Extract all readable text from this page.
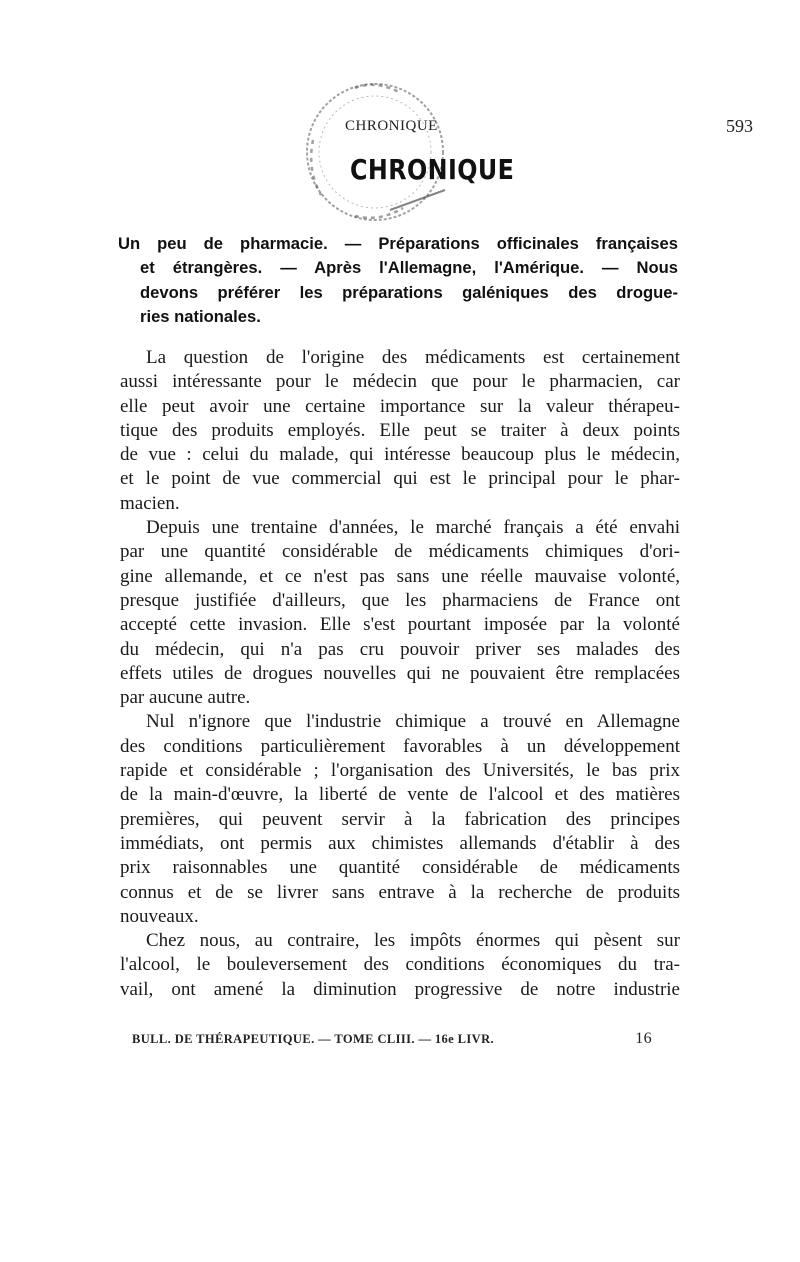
CHRONIQUE	593
CHRONIQUE
Un peu de pharmacie. — Préparations officinales françaises
et étrangères. — Après l'Allemagne, l'Amérique. — Nous
devons préférer les préparations galéniques des drogue-
ries nationales.
La question de l'origine des médicaments est certainement
aussi intéressante pour le médecin que pour le pharmacien, car
elle peut avoir une certaine importance sur la valeur thérapeu-
tique des produits employés. Elle peut se traiter à deux points
de vue : celui du malade, qui intéresse beaucoup plus le médecin,
et le point de vue commercial qui est le principal pour le phar-
macien.
Depuis une trentaine d'années, le marché français a été envahi
par une quantité considérable de médicaments chimiques d'ori-
gine allemande, et ce n'est pas sans une réelle mauvaise volonté,
presque justifiée d'ailleurs, que les pharmaciens de France ont
accepté cette invasion. Elle s'est pourtant imposée par la volonté
du médecin, qui n'a pas cru pouvoir priver ses malades des
effets utiles de drogues nouvelles qui ne pouvaient être remplacées
par aucune autre.
Nul n'ignore que l'industrie chimique a trouvé en Allemagne
des conditions particulièrement favorables à un développement
rapide et considérable ; l'organisation des Universités, le bas prix
de la main-d'œuvre, la liberté de vente de l'alcool et des matières
premières, qui peuvent servir à la fabrication des principes
immédiats, ont permis aux chimistes allemands d'établir à des
prix raisonnables une quantité considérable de médicaments
connus et de se livrer sans entrave à la recherche de produits
nouveaux.
Chez nous, au contraire, les impôts énormes qui pèsent sur
l'alcool, le bouleversement des conditions économiques du tra-
vail, ont amené la diminution progressive de notre industrie
BULL. DE THÉRAPEUTIQUE. — TOME CLIII. — 16e LIVR.	16
